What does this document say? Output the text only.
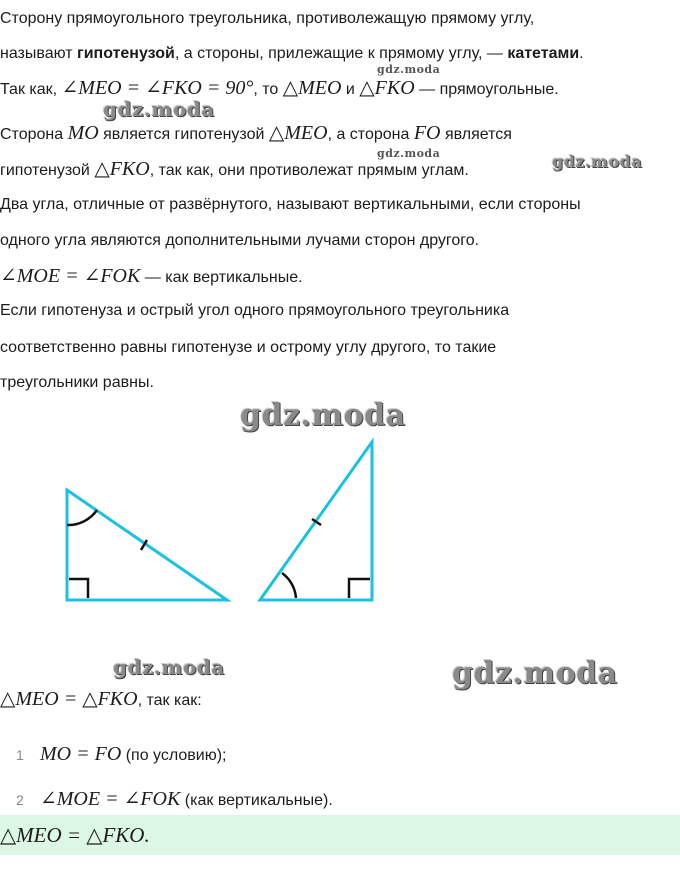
Сторону прямоугольного треугольника, противолежащую прямому углу,
называют гипотенузой, а стороны, прилежащие к прямому углу, — катетами.
Так как, ∠MEO = ∠FKO = 90°, то △MEO и △FKO — прямоугольные.
Сторона MO является гипотенузой △MEO, а сторона FO является
гипотенузой △FKO, так как, они противолежат прямым углам.
Два угла, отличные от развёрнутого, называют вертикальными, если стороны
одного угла являются дополнительными лучами сторон другого.
∠MOE = ∠FOK — как вертикальные.
Если гипотенуза и острый угол одного прямоугольного треугольника
соответственно равны гипотенузе и острому углу другого, то такие
треугольники равны.
gdz.moda
gdz.moda
gdz.moda	gdz.moda
gdz.moda
gdz.moda	gdz.moda
△MEO = △FKO, так как:
1 MO = FO (по условию);
2 ∠MOE = ∠FOK (как вертикальные).
△MEO = △FKO.
